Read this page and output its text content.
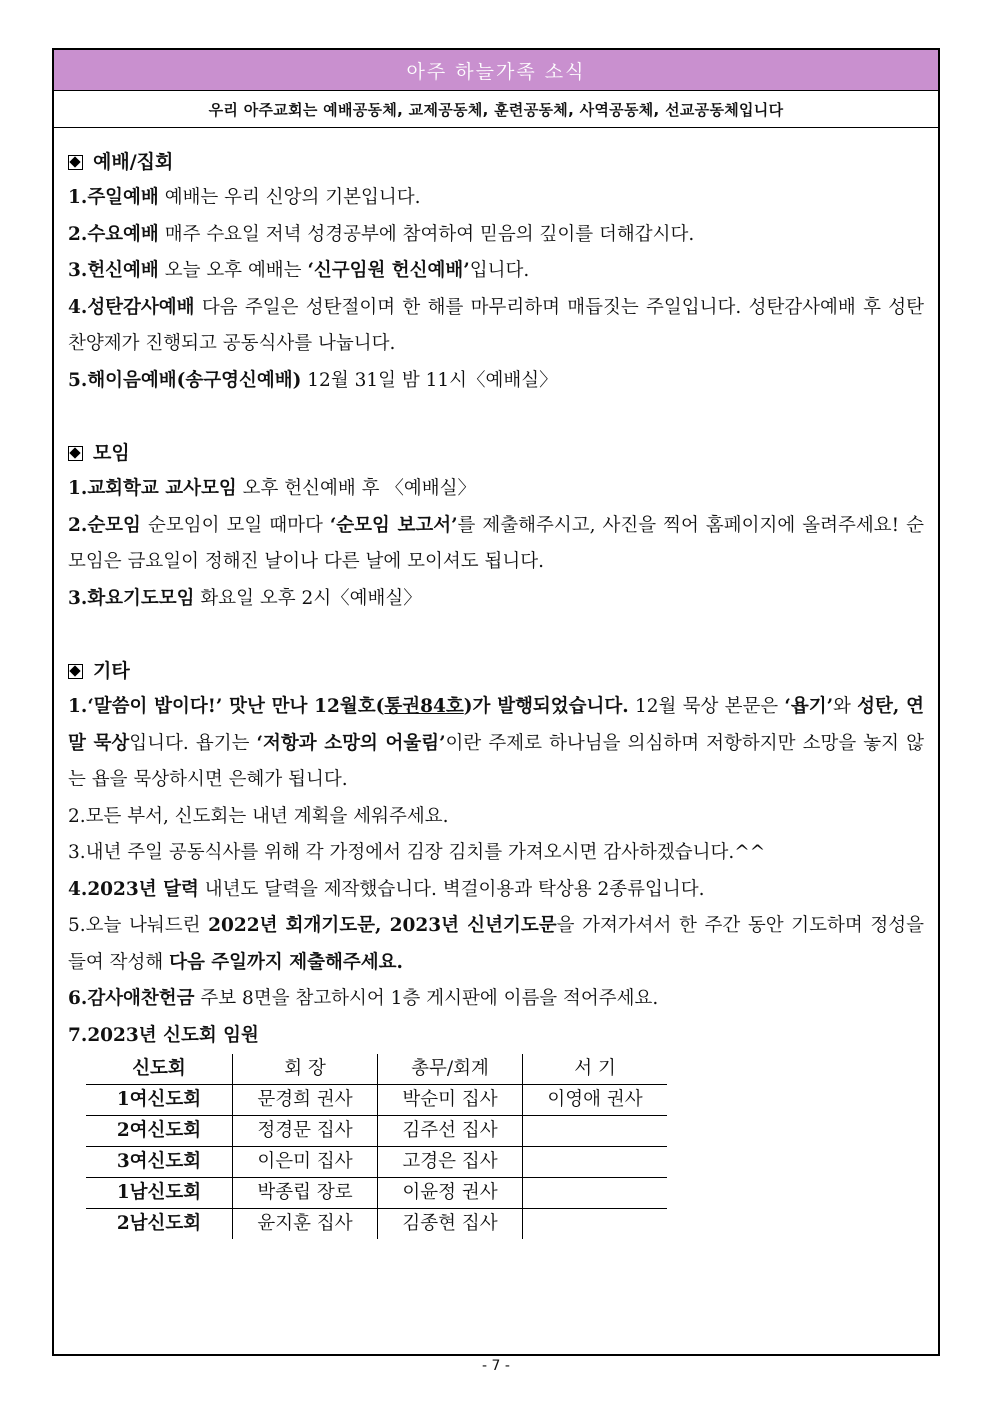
아주 하늘가족 소식
우리 아주교회는 예배공동체, 교제공동체, 훈련공동체, 사역공동체, 선교공동체입니다
예배/집회

1.주일예배 예배는 우리 신앙의 기본입니다.

2.수요예배 매주 수요일 저녁 성경공부에 참여하여 믿음의 깊이를 더해갑시다.

3.헌신예배 오늘 오후 예배는 ‘신구임원 헌신예배’입니다.

4.성탄감사예배 다음 주일은 성탄절이며 한 해를 마무리하며 매듭짓는 주일입니다. 성탄감사예배 후 성탄찬양제가 진행되고 공동식사를 나눕니다.

5.해이음예배(송구영신예배) 12월 31일 밤 11시〈예배실〉

모임

1.교회학교 교사모임 오후 헌신예배 후 〈예배실〉

2.순모임 순모임이 모일 때마다 ‘순모임 보고서’를 제출해주시고, 사진을 찍어 홈페이지에 올려주세요! 순모임은 금요일이 정해진 날이나 다른 날에 모이셔도 됩니다.

3.화요기도모임 화요일 오후 2시〈예배실〉

기타

1.‘말씀이 밥이다!’ 맛난 만나 12월호(통권84호)가 발행되었습니다. 12월 묵상 본문은 ‘욥기’와 성탄, 연말 묵상입니다. 욥기는 ‘저항과 소망의 어울림’이란 주제로 하나님을 의심하며 저항하지만 소망을 놓지 않는 욥을 묵상하시면 은혜가 됩니다.

2.모든 부서, 신도회는 내년 계획을 세워주세요.

3.내년 주일 공동식사를 위해 각 가정에서 김장 김치를 가져오시면 감사하겠습니다.^^

4.2023년 달력 내년도 달력을 제작했습니다. 벽걸이용과 탁상용 2종류입니다.

5.오늘 나눠드린 2022년 회개기도문, 2023년 신년기도문을 가져가셔서 한 주간 동안 기도하며 정성을 들여 작성해 다음 주일까지 제출해주세요.

6.감사애찬헌금 주보 8면을 참고하시어 1층 게시판에 이름을 적어주세요.

7.2023년 신도회 임원

신도회	회 장	총무/회계	서 기
1여신도회	문경희 권사	박순미 집사	이영애 권사
2여신도회	정경문 집사	김주선 집사	
3여신도회	이은미 집사	고경은 집사	
1남신도회	박종립 장로	이윤정 권사	
2남신도회	윤지훈 집사	김종현 집사	
- 7 -
